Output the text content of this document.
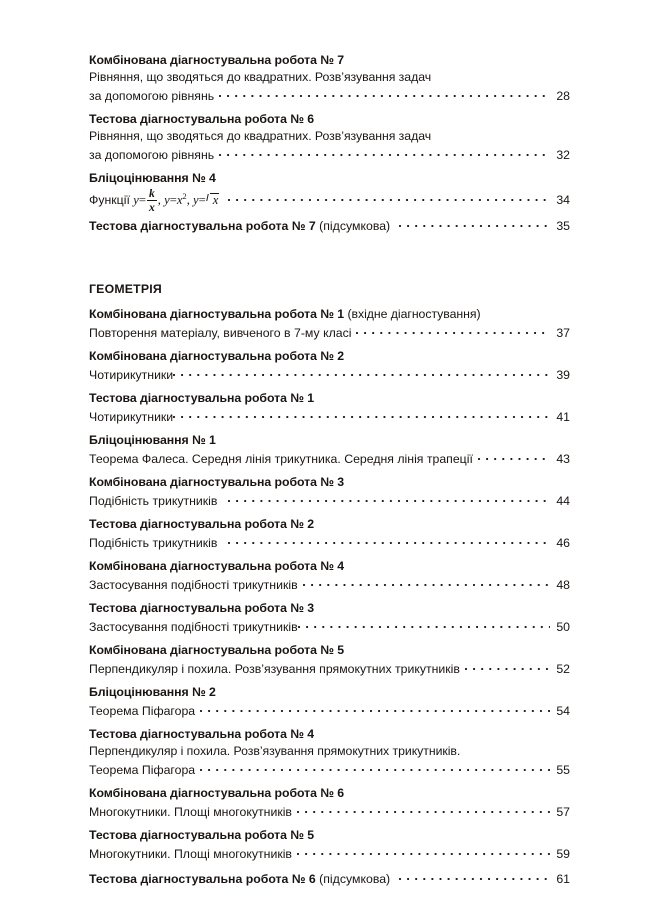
Комбінована діагностувальна робота № 7
Рівняння, що зводяться до квадратних. Розв’язування задач
за допомогою рівнянь	28
Тестова діагностувальна робота № 6
Рівняння, що зводяться до квадратних. Розв’язування задач
за допомогою рівнянь	32
Бліцоцінювання № 4
Функції $y= \frac{k}{x}$ , $y=x^2$, y= x	34
Тестова діагностувальна робота № 7 (підсумкова)	35
ГЕОМЕТРІЯ
Комбінована діагностувальна робота № 1 (вхідне діагностування)
Повторення матеріалу, вивченого в 7-му класі	37
Комбінована діагностувальна робота № 2
Чотирикутники	39
Тестова діагностувальна робота № 1
Чотирикутники	41
Бліцоцінювання № 1
Теорема Фалеса. Середня лінія трикутника. Середня лінія трапеції	43
Комбінована діагностувальна робота № 3
Подібність трикутників	44
Тестова діагностувальна робота № 2
Подібність трикутників	46
Комбінована діагностувальна робота № 4
Застосування подібності трикутників	48
Тестова діагностувальна робота № 3
Застосування подібності трикутників	50
Комбінована діагностувальна робота № 5
Перпендикуляр і похила. Розв’язування прямокутних трикутників	52
Бліцоцінювання № 2
Теорема Піфагора	54
Тестова діагностувальна робота № 4
Перпендикуляр і похила. Розв’язування прямокутних трикутників.
Теорема Піфагора	55
Комбінована діагностувальна робота № 6
Многокутники. Площі многокутників	57
Тестова діагностувальна робота № 5
Многокутники. Площі многокутників	59
Тестова діагностувальна робота № 6 (підсумкова)	61
